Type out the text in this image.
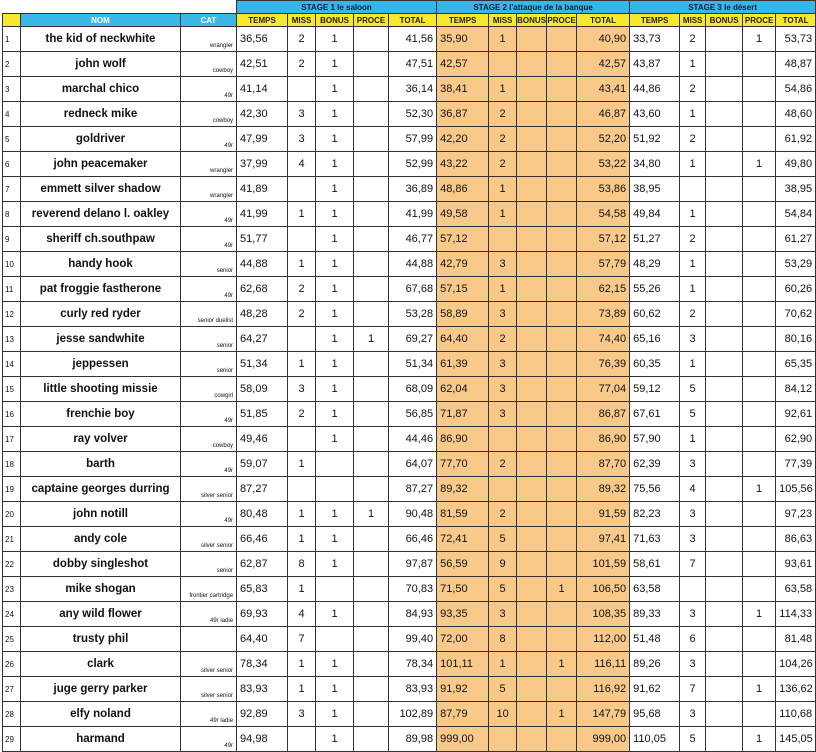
			STAGE 1 le saloon					STAGE 2 l'attaque de la banque					STAGE 3 le désert				
	NOM	CAT	TEMPS	MISS	BONUS	PROCE	TOTAL	TEMPS	MISS	BONUS	PROCE	TOTAL	TEMPS	MISS	BONUS	PROCE	TOTAL
1	the kid of neckwhite	wrangler	36,56	2	1		41,56	35,90	1			40,90	33,73	2		1	53,73
2	john wolf	cowboy	42,51	2	1		47,51	42,57				42,57	43,87	1			48,87
3	marchal chico	49r	41,14		1		36,14	38,41	1			43,41	44,86	2			54,86
4	redneck mike	cowboy	42,30	3	1		52,30	36,87	2			46,87	43,60	1			48,60
5	goldriver	49r	47,99	3	1		57,99	42,20	2			52,20	51,92	2			61,92
6	john peacemaker	wrangler	37,99	4	1		52,99	43,22	2			53,22	34,80	1		1	49,80
7	emmett silver shadow	wrangler	41,89		1		36,89	48,86	1			53,86	38,95				38,95
8	reverend delano l. oakley	49r	41,99	1	1		41,99	49,58	1			54,58	49,84	1			54,84
9	sheriff ch.southpaw	49r	51,77		1		46,77	57,12				57,12	51,27	2			61,27
10	handy hook	senior	44,88	1	1		44,88	42,79	3			57,79	48,29	1			53,29
11	pat froggie fastherone	49r	62,68	2	1		67,68	57,15	1			62,15	55,26	1			60,26
12	curly red ryder	senior duelist	48,28	2	1		53,28	58,89	3			73,89	60,62	2			70,62
13	jesse sandwhite	senior	64,27		1	1	69,27	64,40	2			74,40	65,16	3			80,16
14	jeppessen	senior	51,34	1	1		51,34	61,39	3			76,39	60,35	1			65,35
15	little shooting missie	cowgirl	58,09	3	1		68,09	62,04	3			77,04	59,12	5			84,12
16	frenchie boy	49r	51,85	2	1		56,85	71,87	3			86,87	67,61	5			92,61
17	ray volver	cowboy	49,46		1		44,46	86,90				86,90	57,90	1			62,90
18	barth	49r	59,07	1			64,07	77,70	2			87,70	62,39	3			77,39
19	captaine georges durring	silver senior	87,27				87,27	89,32				89,32	75,56	4		1	105,56
20	john notill	49r	80,48	1	1	1	90,48	81,59	2			91,59	82,23	3			97,23
21	andy cole	silver senior	66,46	1	1		66,46	72,41	5			97,41	71,63	3			86,63
22	dobby singleshot	senior	62,87	8	1		97,87	56,59	9			101,59	58,61	7			93,61
23	mike shogan	frontier cartridge	65,83	1			70,83	71,50	5		1	106,50	63,58				63,58
24	any wild flower	49r ladie	69,93	4	1		84,93	93,35	3			108,35	89,33	3		1	114,33
25	trusty phil		64,40	7			99,40	72,00	8			112,00	51,48	6			81,48
26	clark	silver senior	78,34	1	1		78,34	101,11	1		1	116,11	89,26	3			104,26
27	juge gerry parker	silver senior	83,93	1	1		83,93	91,92	5			116,92	91,62	7		1	136,62
28	elfy noland	49r ladie	92,89	3	1		102,89	87,79	10		1	147,79	95,68	3			110,68
29	harmand	49r	94,98		1		89,98	999,00				999,00	110,05	5		1	145,05
